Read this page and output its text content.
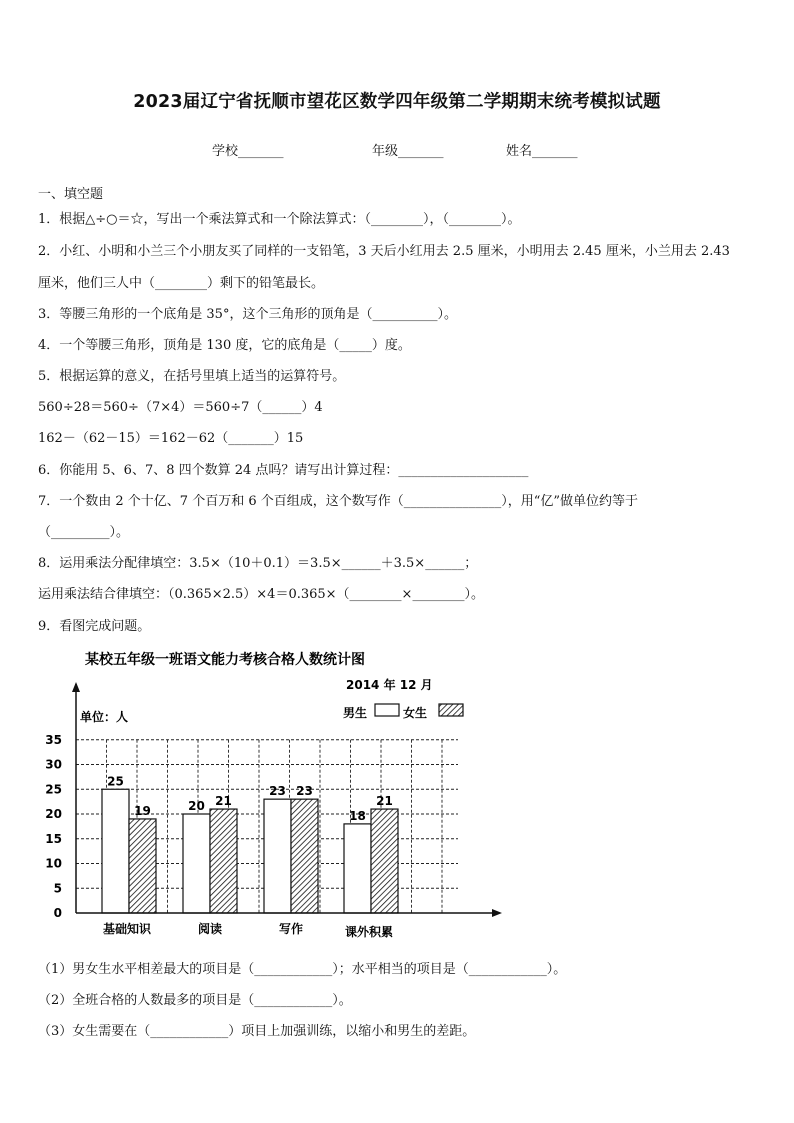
2023届辽宁省抚顺市望花区数学四年级第二学期期末统考模拟试题
学校_______	年级_______	姓名_______
一、填空题
1．根据△÷○＝☆，写出一个乘法算式和一个除法算式：（________），（________）。
2．小红、小明和小兰三个小朋友买了同样的一支铅笔，3 天后小红用去 2.5 厘米，小明用去 2.45 厘米，小兰用去 2.43
厘米，他们三人中（________）剩下的铅笔最长。
3．等腰三角形的一个底角是 35°，这个三角形的顶角是（__________）。
4．一个等腰三角形，顶角是 130 度，它的底角是（_____）度。
5．根据运算的意义，在括号里填上适当的运算符号。
560÷28＝560÷（7×4）＝560÷7（______）4
162－（62－15）＝162－62（_______）15
6．你能用 5、6、7、8 四个数算 24 点吗？请写出计算过程：____________________
7．一个数由 2 个十亿、7 个百万和 6 个百组成，这个数写作（_______________），用“亿”做单位约等于
（_________）。
8．运用乘法分配律填空：3.5×（10＋0.1）＝3.5×______＋3.5×______；
运用乘法结合律填空：（0.365×2.5）×4＝0.365×（________×________）。
9．看图完成问题。
某校五年级一班语文能力考核合格人数统计图
2014 年 12 月
单位：人	男生	女生
35
30
25
20
15
10
5
0
25
19	20 21
23 23
18
21
基础知识	阅读	写作	课外积累
（1）男女生水平相差最大的项目是（____________）；水平相当的项目是（____________）。
（2）全班合格的人数最多的项目是（____________）。
（3）女生需要在（____________）项目上加强训练，以缩小和男生的差距。
